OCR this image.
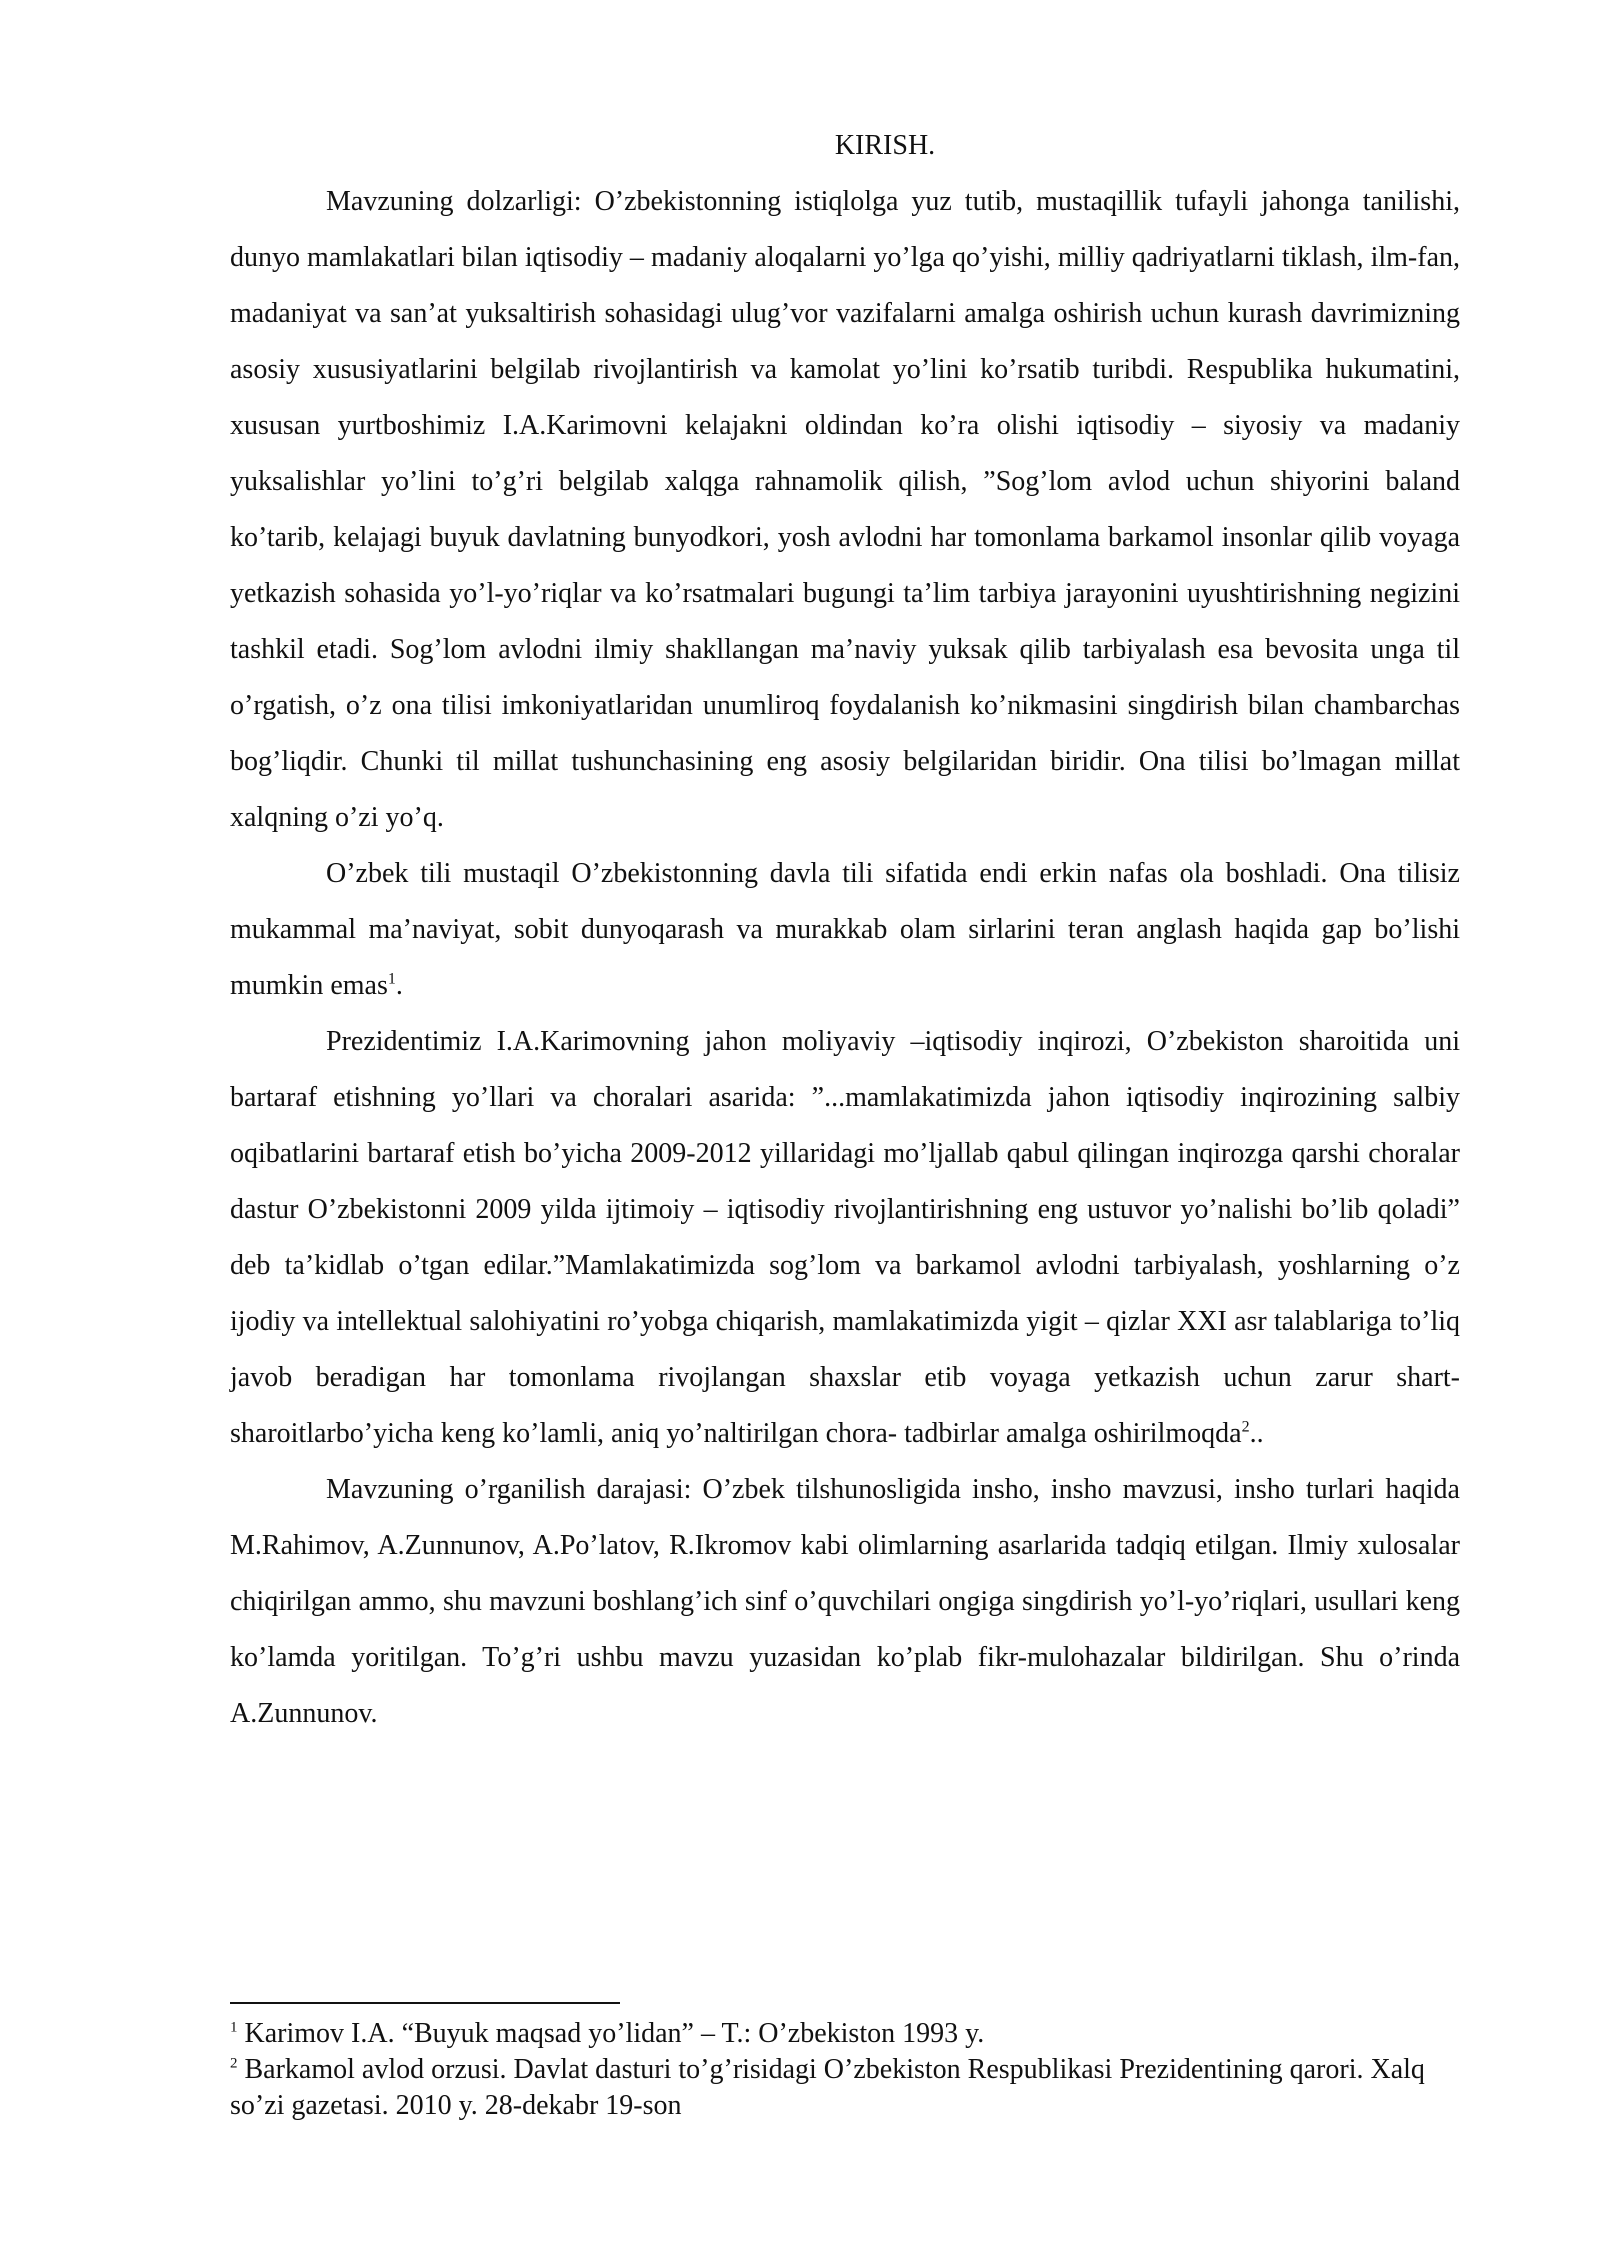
KIRISH.

Mavzuning dolzarligi: O’zbekistonning istiqlolga yuz tutib, mustaqillik tufayli jahonga tanilishi, dunyo mamlakatlari bilan iqtisodiy – madaniy aloqalarni yo’lga qo’yishi, milliy qadriyatlarni tiklash, ilm-fan, madaniyat va san’at yuksaltirish sohasidagi ulug’vor vazifalarni amalga oshirish uchun kurash davrimizning asosiy xususiyatlarini belgilab rivojlantirish va kamolat yo’lini ko’rsatib turibdi. Respublika hukumatini, xususan yurtboshimiz I.A.Karimovni kelajakni oldindan ko’ra olishi iqtisodiy – siyosiy va madaniy yuksalishlar yo’lini to’g’ri belgilab xalqga rahnamolik qilish, ”Sog’lom avlod uchun shiyorini baland ko’tarib, kelajagi buyuk davlatning bunyodkori, yosh avlodni har tomonlama barkamol insonlar qilib voyaga yetkazish sohasida yo’l-yo’riqlar va ko’rsatmalari bugungi ta’lim tarbiya jarayonini uyushtirishning negizini tashkil etadi. Sog’lom avlodni ilmiy shakllangan ma’naviy yuksak qilib tarbiyalash esa bevosita unga til o’rgatish, o’z ona tilisi imkoniyatlaridan unumliroq foydalanish ko’nikmasini singdirish bilan chambarchas bog’liqdir. Chunki til millat tushunchasining eng asosiy belgilaridan biridir. Ona tilisi bo’lmagan millat xalqning o’zi yo’q.

O’zbek tili mustaqil O’zbekistonning davla tili sifatida endi erkin nafas ola boshladi. Ona tilisiz mukammal ma’naviyat, sobit dunyoqarash va murakkab olam sirlarini teran anglash haqida gap bo’lishi mumkin emas$^1$.

Prezidentimiz I.A.Karimovning jahon moliyaviy –iqtisodiy inqirozi, O’zbekiston sharoitida uni bartaraf etishning yo’llari va choralari asarida: ”...mamlakatimizda jahon iqtisodiy inqirozining salbiy oqibatlarini bartaraf etish bo’yicha 2009-2012 yillaridagi mo’ljallab qabul qilingan inqirozga qarshi choralar dastur O’zbekistonni 2009 yilda ijtimoiy – iqtisodiy rivojlantirishning eng ustuvor yo’nalishi bo’lib qoladi” deb ta’kidlab o’tgan edilar.”Mamlakatimizda sog’lom va barkamol avlodni tarbiyalash, yoshlarning o’z ijodiy va intellektual salohiyatini ro’yobga chiqarish, mamlakatimizda yigit – qizlar XXI asr talablariga to’liq javob beradigan har tomonlama rivojlangan shaxslar etib voyaga yetkazish uchun zarur shart-sharoitlarbo’yicha keng ko’lamli, aniq yo’naltirilgan chora- tadbirlar amalga oshirilmoqda$^2$..

Mavzuning o’rganilish darajasi: O’zbek tilshunosligida insho, insho mavzusi, insho turlari haqida M.Rahimov, A.Zunnunov, A.Po’latov, R.Ikromov kabi olimlarning asarlarida tadqiq etilgan. Ilmiy xulosalar chiqirilgan ammo, shu mavzuni boshlang’ich sinf o’quvchilari ongiga singdirish yo’l-yo’riqlari, usullari keng ko’lamda yoritilgan. To’g’ri ushbu mavzu yuzasidan ko’plab fikr-mulohazalar bildirilgan. Shu o’rinda A.Zunnunov.

$^1$ Karimov I.A. “Buyuk maqsad yo’lidan” – T.: O’zbekiston 1993 y.

$^2$ Barkamol avlod orzusi. Davlat dasturi to’g’risidagi O’zbekiston Respublikasi Prezidentining qarori. Xalq so’zi gazetasi. 2010 y. 28-dekabr 19-son
